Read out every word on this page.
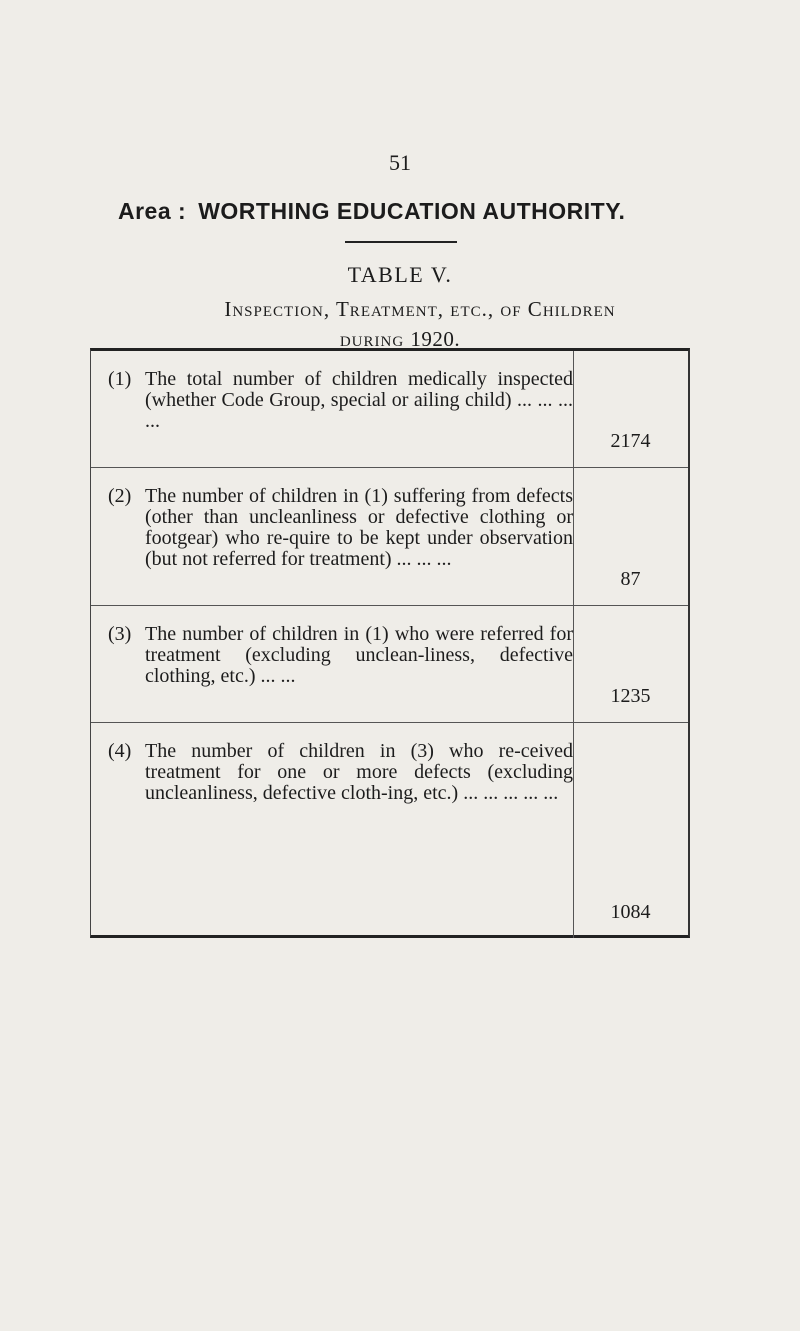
51
Area : WORTHING EDUCATION AUTHORITY.
TABLE V.
Inspection, Treatment, etc., of Children
during 1920.
(1) The total number of children medically inspected (whether Code Group, special or ailing child) ... ... ... ...
2174
(2) The number of children in (1) suffering from defects (other than uncleanliness or defective clothing or footgear) who re-quire to be kept under observation (but not referred for treatment) ... ... ...
87
(3) The number of children in (1) who were referred for treatment (excluding unclean-liness, defective clothing, etc.) ... ...
1235
(4) The number of children in (3) who re-ceived treatment for one or more defects (excluding uncleanliness, defective cloth-ing, etc.) ... ... ... ... ...
1084
